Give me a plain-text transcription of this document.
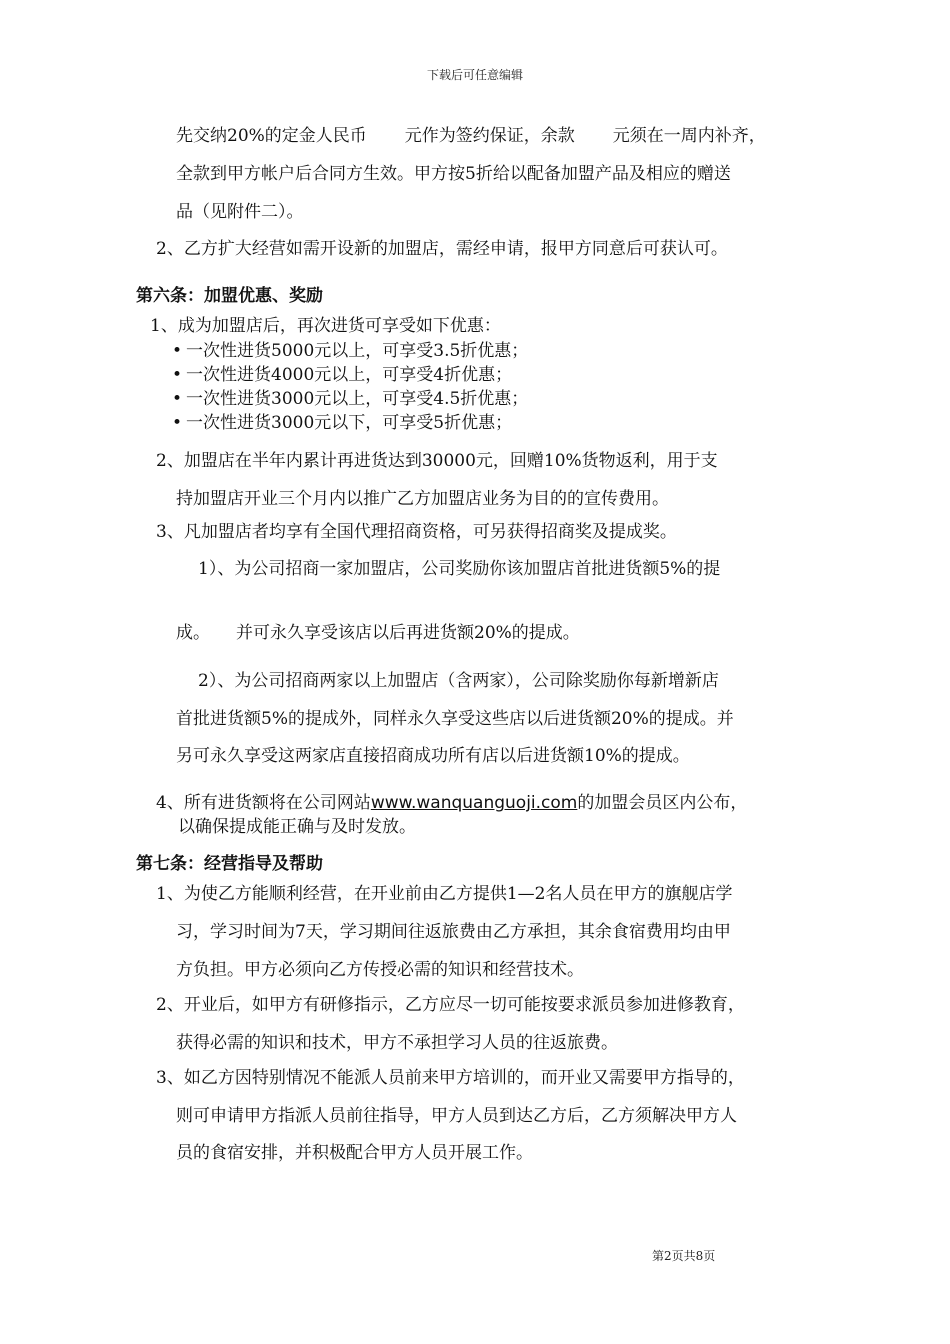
下载后可任意编辑
先交纳20%的定金人民币 元作为签约保证，余款 元须在一周内补齐，
全款到甲方帐户后合同方生效。甲方按5折给以配备加盟产品及相应的赠送
品（见附件二）。
2、乙方扩大经营如需开设新的加盟店，需经申请，报甲方同意后可获认可。
第六条：加盟优惠、奖励
1、成为加盟店后，再次进货可享受如下优惠：
• 一次性进货5000元以上，可享受3.5折优惠；
• 一次性进货4000元以上，可享受4折优惠；
• 一次性进货3000元以上，可享受4.5折优惠；
• 一次性进货3000元以下，可享受5折优惠；
2、加盟店在半年内累计再进货达到30000元，回赠10%货物返利，用于支
持加盟店开业三个月内以推广乙方加盟店业务为目的的宣传费用。
3、凡加盟店者均享有全国代理招商资格，可另获得招商奖及提成奖。
1）、为公司招商一家加盟店，公司奖励你该加盟店首批进货额5%的提
成。 并可永久享受该店以后再进货额20%的提成。
2）、为公司招商两家以上加盟店（含两家），公司除奖励你每新增新店
首批进货额5%的提成外，同样永久享受这些店以后进货额20%的提成。并
另可永久享受这两家店直接招商成功所有店以后进货额10%的提成。
4、所有进货额将在公司网站www.wanquanguoji.com的加盟会员区内公布，
以确保提成能正确与及时发放。
第七条：经营指导及帮助
1、为使乙方能顺利经营，在开业前由乙方提供1—2名人员在甲方的旗舰店学
习，学习时间为7天，学习期间往返旅费由乙方承担，其余食宿费用均由甲
方负担。甲方必须向乙方传授必需的知识和经营技术。
2、开业后，如甲方有研修指示，乙方应尽一切可能按要求派员参加进修教育，
获得必需的知识和技术，甲方不承担学习人员的往返旅费。
3、如乙方因特别情况不能派人员前来甲方培训的，而开业又需要甲方指导的，
则可申请甲方指派人员前往指导，甲方人员到达乙方后，乙方须解决甲方人
员的食宿安排，并积极配合甲方人员开展工作。
第2页共8页
